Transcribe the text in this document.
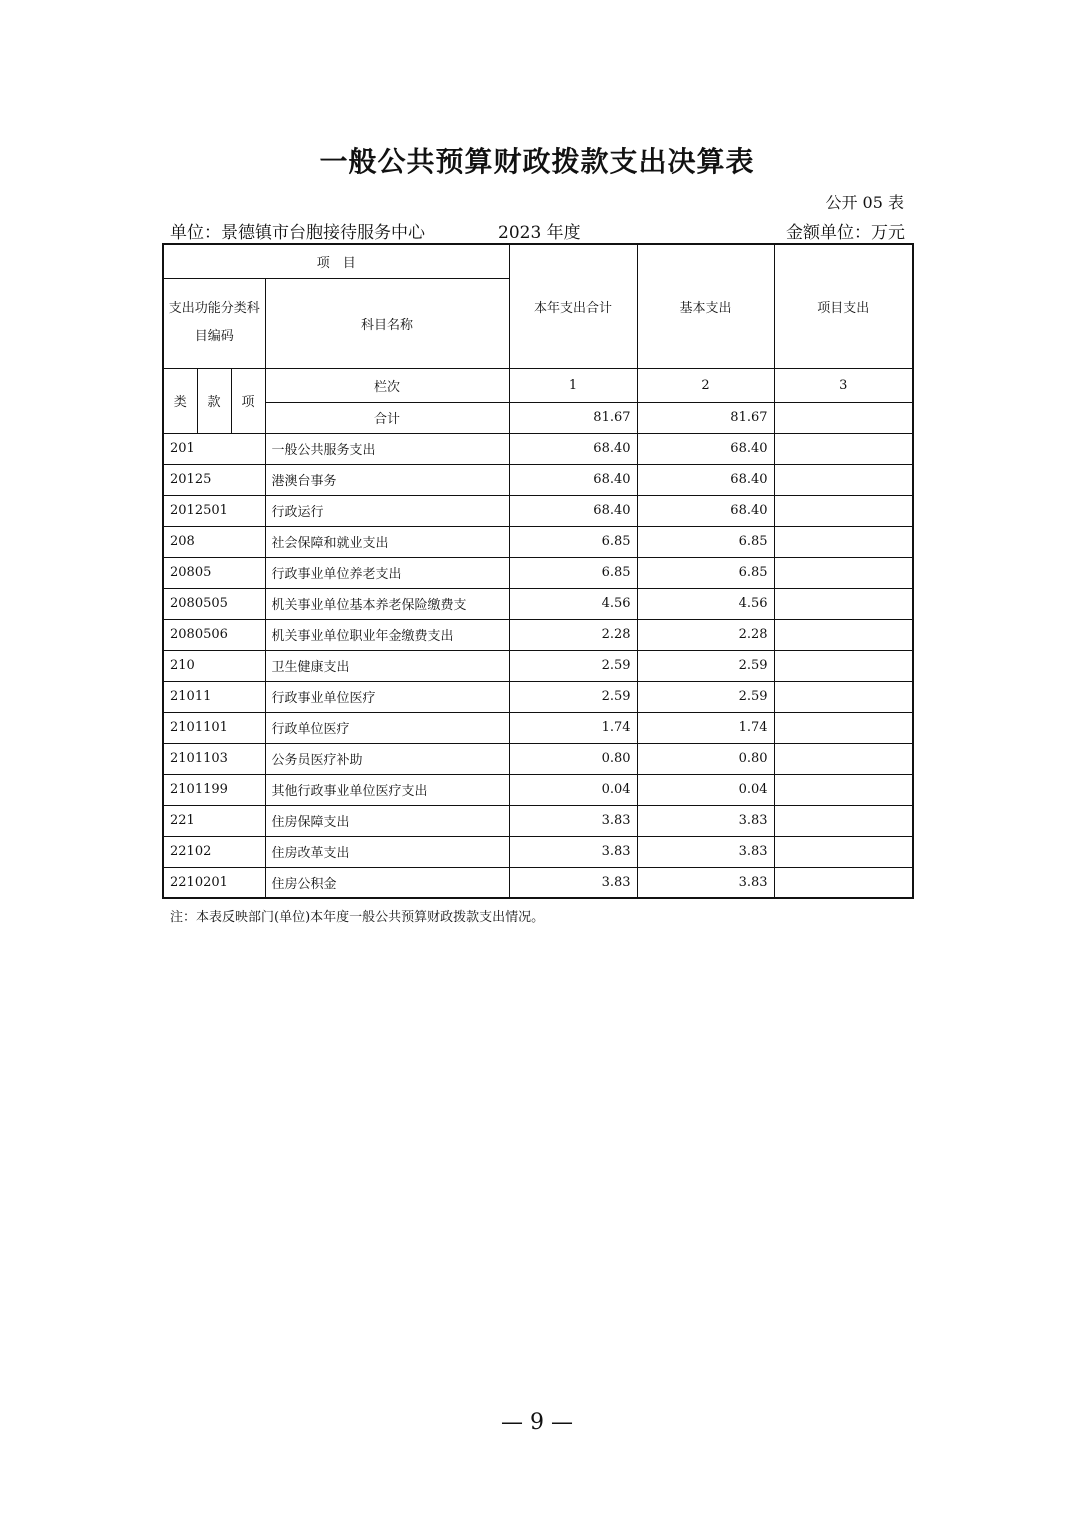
一般公共预算财政拨款支出决算表
公开 05 表
单位：景德镇市台胞接待服务中心	2023 年度	金额单位：万元
项　目				本年支出合计	基本支出	项目支出
支出功能分类科目编码			科目名称			
类	款	项	栏次	1	2	3
			合计	81.67	81.67	
201			一般公共服务支出	68.40	68.40	
20125			港澳台事务	68.40	68.40	
2012501			行政运行	68.40	68.40	
208			社会保障和就业支出	6.85	6.85	
20805			行政事业单位养老支出	6.85	6.85	
2080505			机关事业单位基本养老保险缴费支	4.56	4.56	
2080506			机关事业单位职业年金缴费支出	2.28	2.28	
210			卫生健康支出	2.59	2.59	
21011			行政事业单位医疗	2.59	2.59	
2101101			行政单位医疗	1.74	1.74	
2101103			公务员医疗补助	0.80	0.80	
2101199			其他行政事业单位医疗支出	0.04	0.04	
221			住房保障支出	3.83	3.83	
22102			住房改革支出	3.83	3.83	
2210201			住房公积金	3.83	3.83	
注：本表反映部门(单位)本年度一般公共预算财政拨款支出情况。
— 9 —
